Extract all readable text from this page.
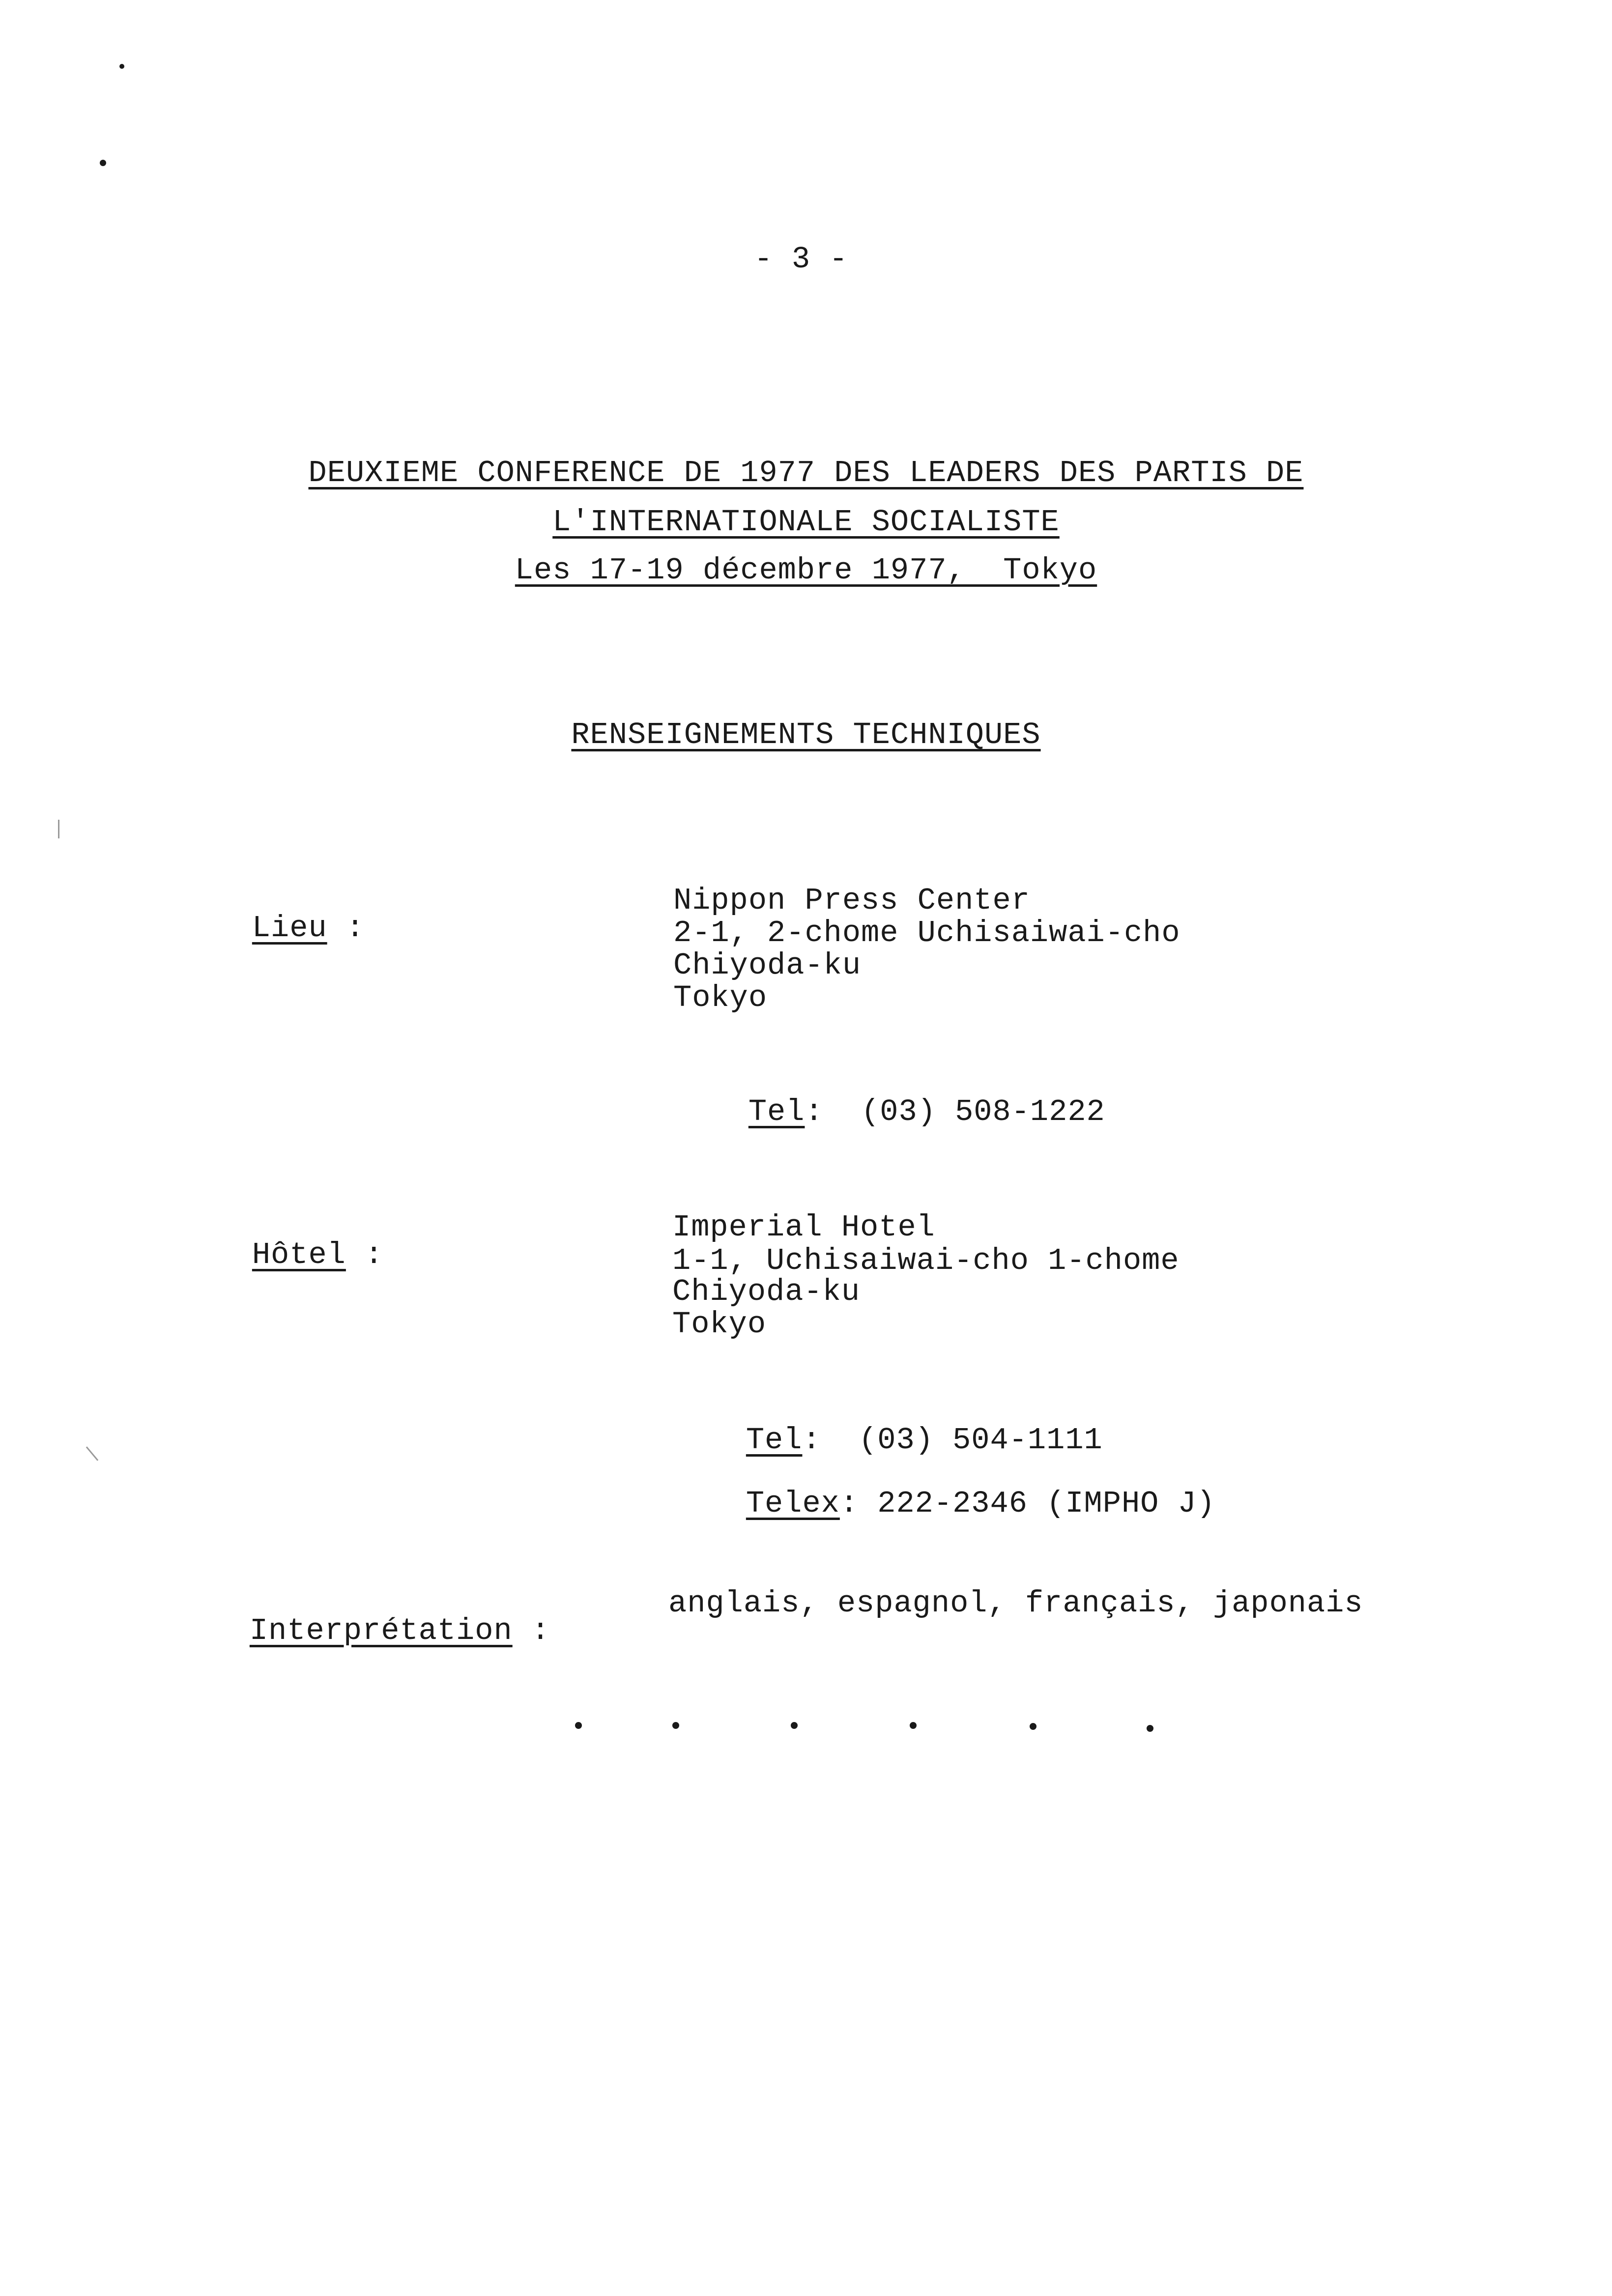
- 3 -
DEUXIEME CONFERENCE DE 1977 DES LEADERS DES PARTIS DE
L'INTERNATIONALE SOCIALISTE
Les 17-19 décembre 1977,  Tokyo
RENSEIGNEMENTS TECHNIQUES

Lieu :

Nippon Press Center
2-1, 2-chome Uchisaiwai-cho
Chiyoda-ku
Tokyo

Tel:  (03) 508-1222

Hôtel :

Imperial Hotel
1-1, Uchisaiwai-cho 1-chome
Chiyoda-ku
Tokyo

Tel:  (03) 504-1111

Telex: 222-2346 (IMPHO J)

Interprétation :

anglais, espagnol, français, japonais
